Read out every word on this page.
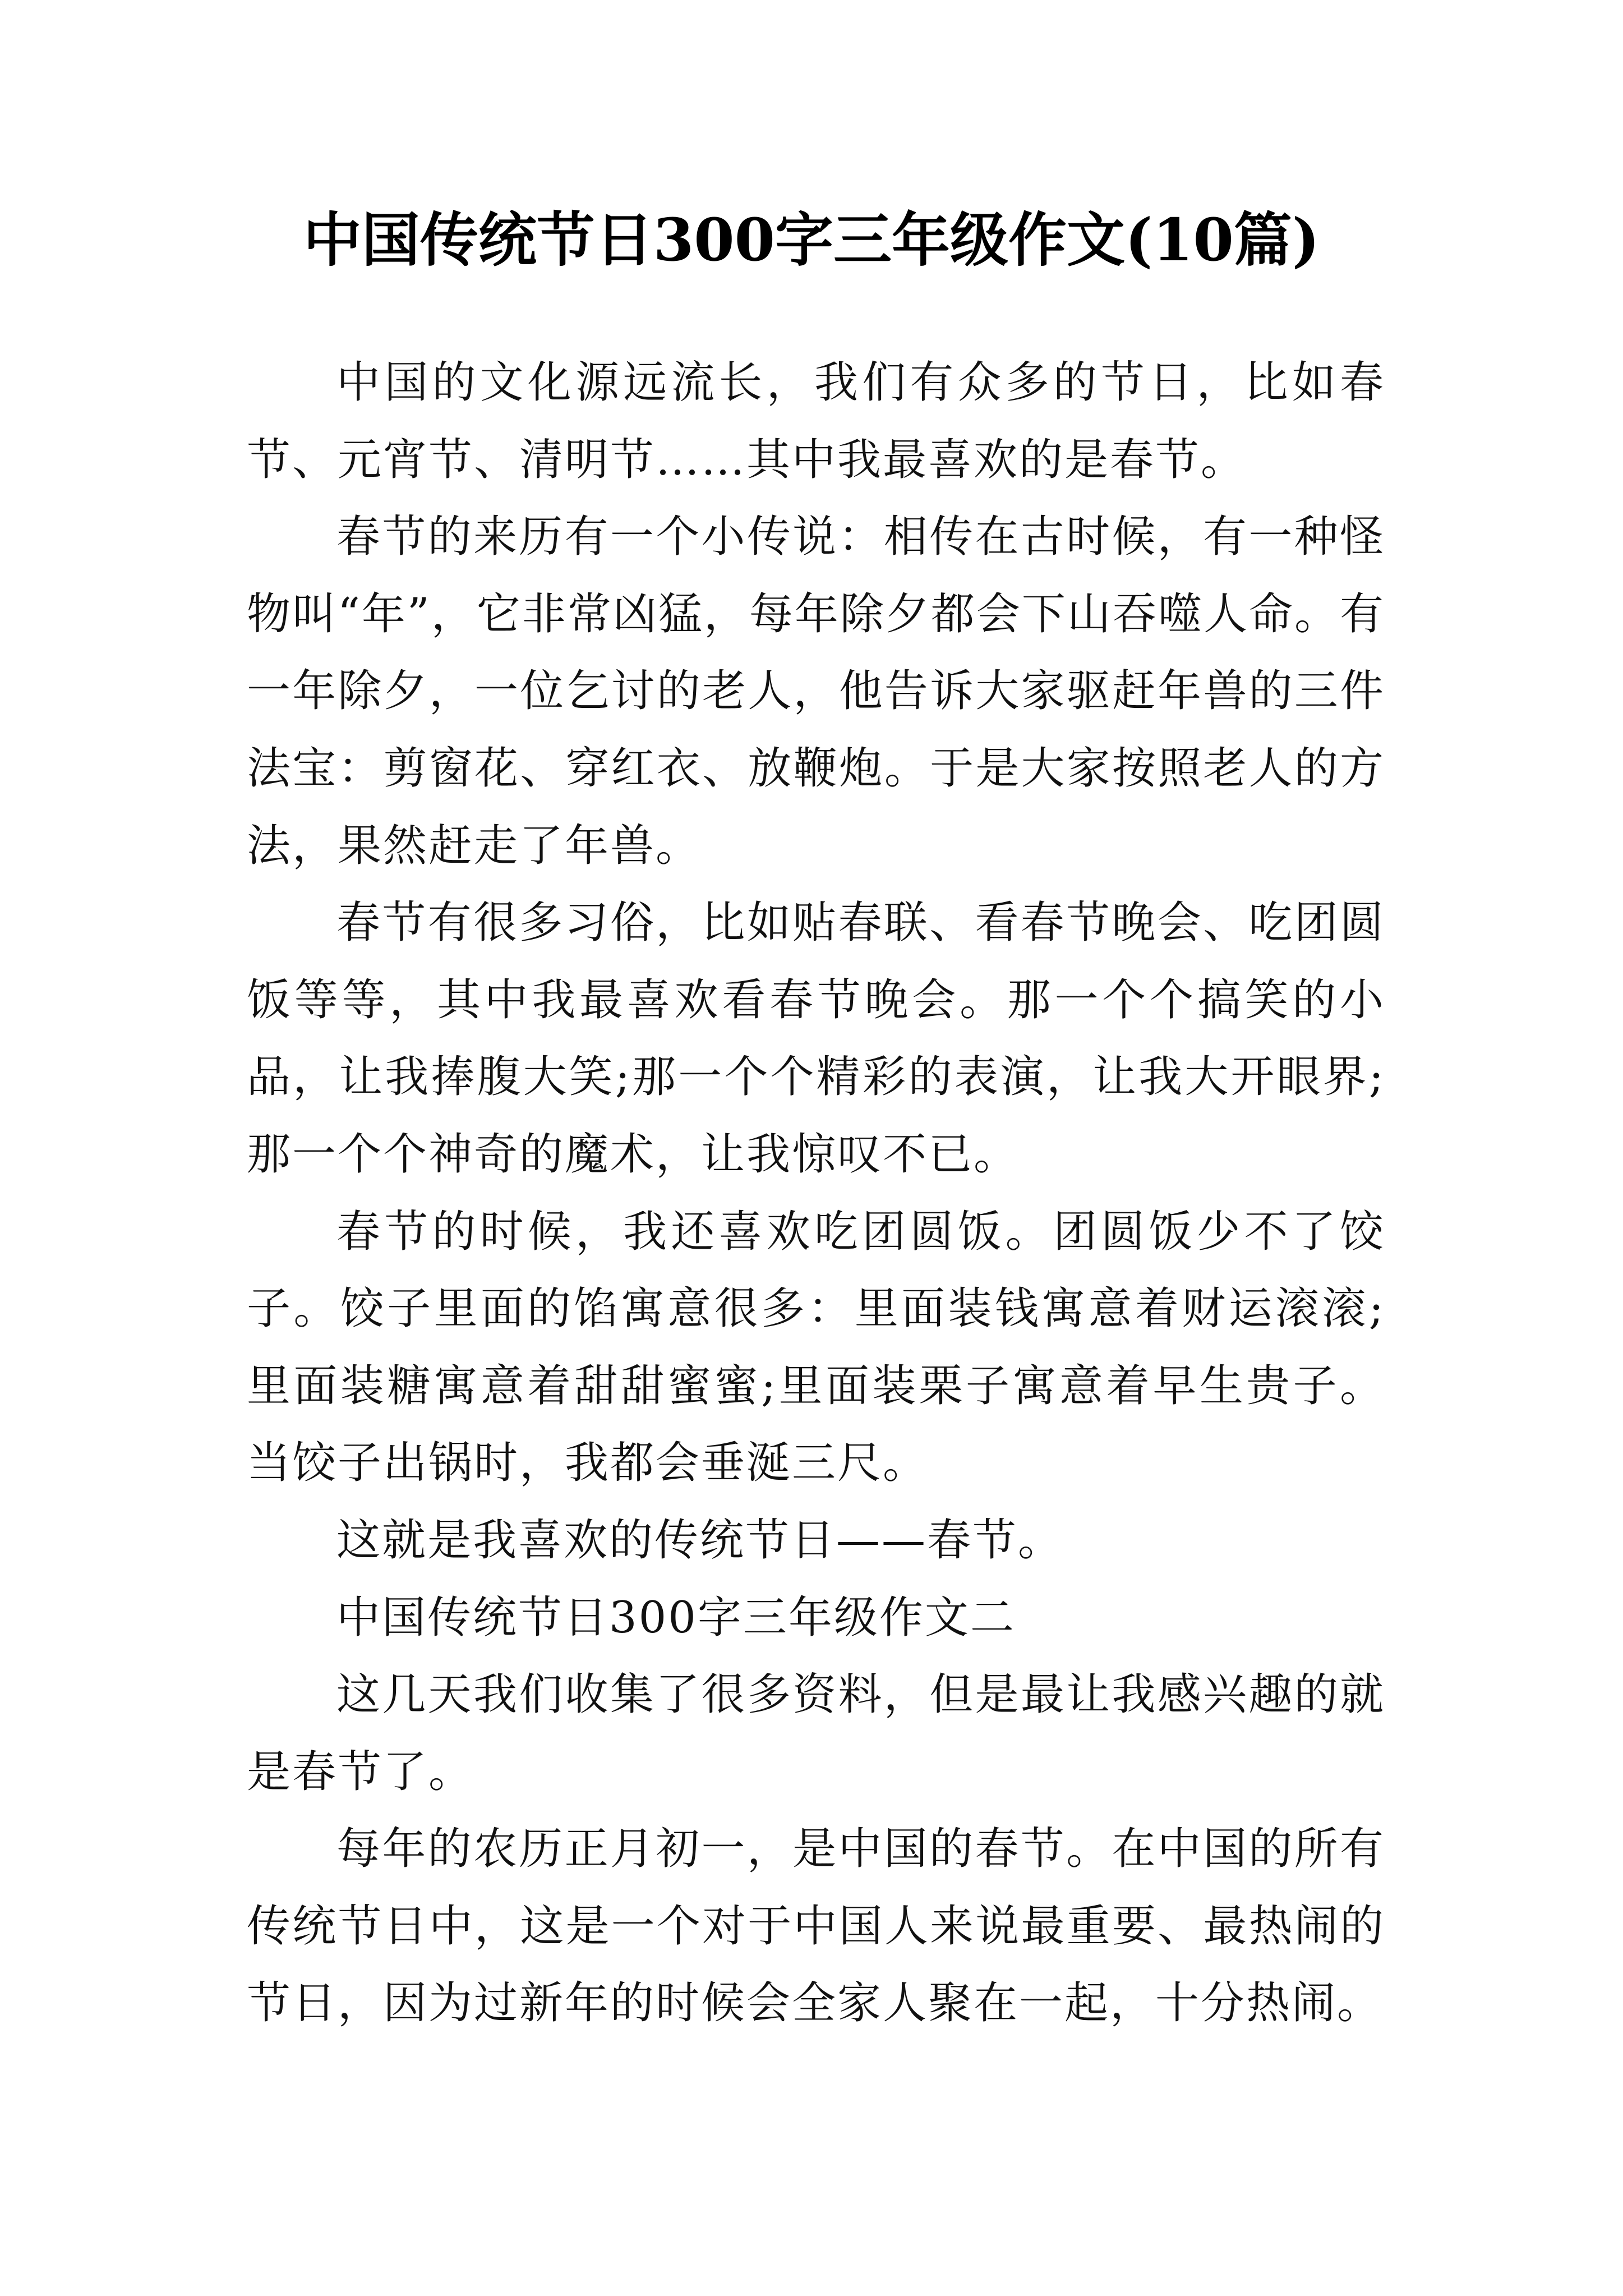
中国传统节日300字三年级作文(10篇)

中国的文化源远流长，我们有众多的节日，比如春节、元宵节、清明节……其中我最喜欢的是春节。

春节的来历有一个小传说：相传在古时候，有一种怪物叫“年”，它非常凶猛，每年除夕都会下山吞噬人命。有一年除夕，一位乞讨的老人，他告诉大家驱赶年兽的三件法宝：剪窗花、穿红衣、放鞭炮。于是大家按照老人的方法，果然赶走了年兽。

春节有很多习俗，比如贴春联、看春节晚会、吃团圆饭等等，其中我最喜欢看春节晚会。那一个个搞笑的小品，让我捧腹大笑;那一个个精彩的表演，让我大开眼界;那一个个神奇的魔术，让我惊叹不已。

春节的时候，我还喜欢吃团圆饭。团圆饭少不了饺子。饺子里面的馅寓意很多：里面装钱寓意着财运滚滚;里面装糖寓意着甜甜蜜蜜;里面装栗子寓意着早生贵子。当饺子出锅时，我都会垂涎三尺。

这就是我喜欢的传统节日——春节。

中国传统节日300字三年级作文二

这几天我们收集了很多资料，但是最让我感兴趣的就是春节了。

每年的农历正月初一，是中国的春节。在中国的所有传统节日中，这是一个对于中国人来说最重要、最热闹的节日，因为过新年的时候会全家人聚在一起，十分热闹。
